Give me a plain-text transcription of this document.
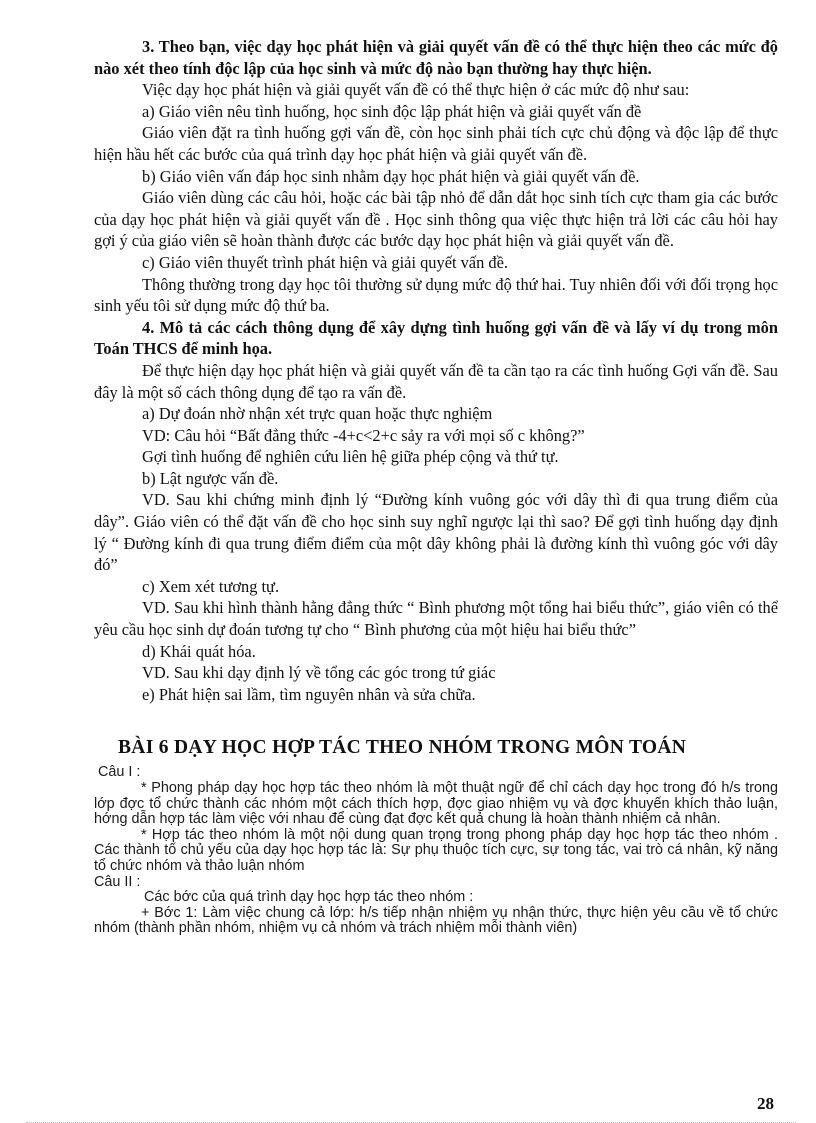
3. Theo bạn, việc dạy học phát hiện và giải quyết vấn đề có thể thực hiện theo các mức độ nào xét theo tính độc lập của học sinh và mức độ nào bạn thường hay thực hiện.

Việc dạy học phát hiện và giải quyết vấn đề có thể thực hiện ở các mức độ như sau:

a) Giáo viên nêu tình huống, học sinh độc lập phát hiện và giải quyết vấn đề

Giáo viên đặt ra tình huống gợi vấn đề, còn học sinh phải tích cực chủ động và độc lập để thực hiện hầu hết các bước của quá trình dạy học phát hiện và giải quyết vấn đề.

b) Giáo viên vấn đáp học sinh nhằm dạy học phát hiện và giải quyết vấn đề.

Giáo viên dùng các câu hỏi, hoặc các bài tập nhỏ để dẫn dắt học sinh tích cực tham gia các bước của dạy học phát hiện và giải quyết vấn đề . Học sinh thông qua việc thực hiện trả lời các câu hỏi hay gợi ý của giáo viên sẽ hoàn thành được các bước dạy học phát hiện và giải quyết vấn đề.

c) Giáo viên thuyết trình phát hiện và giải quyết vấn đề.

Thông thường trong dạy học tôi thường sử dụng mức độ thứ hai. Tuy nhiên đối với đối trọng học sinh yếu tôi sử dụng mức độ thứ ba.

4. Mô tả các cách thông dụng để xây dựng tình huống gợi vấn đề và lấy ví dụ trong môn Toán THCS để minh họa.

Để thực hiện dạy học phát hiện và giải quyết vấn đề ta cần tạo ra các tình huống Gợi vấn đề. Sau đây là một số cách thông dụng để tạo ra vấn đề.

a) Dự đoán nhờ nhận xét trực quan hoặc thực nghiệm

VD: Câu hỏi “Bất đẳng thức -4+c<2+c sảy ra với mọi số c không?”

Gợi tình huống để nghiên cứu liên hệ giữa phép cộng và thứ tự.

b) Lật ngược vấn đề.

VD. Sau khi chứng minh định lý “Đường kính vuông góc với dây thì đi qua trung điểm của dây”. Giáo viên có thể đặt vấn đề cho học sinh suy nghĩ ngược lại thì sao? Để gợi tình huống dạy định lý “ Đường kính đi qua trung điểm điểm của một dây không phải là đường kính thì vuông góc với dây đó”

c) Xem xét tương tự.

VD. Sau khi hình thành hằng đẳng thức “ Bình phương một tổng hai biểu thức”, giáo viên có thể yêu cầu học sinh dự đoán tương tự cho “ Bình phương của một hiệu hai biểu thức”

d) Khái quát hóa.

VD. Sau khi dạy định lý về tổng các góc trong tứ giác

e) Phát hiện sai lầm, tìm nguyên nhân và sửa chữa.

BÀI 6 DẠY HỌC HỢP TÁC THEO NHÓM TRONG MÔN TOÁN

Câu I :

* Phong pháp dạy học hợp tác theo nhóm là một thuật ngữ để chỉ cách dạy học trong đó h/s trong lớp đợc tổ chức thành các nhóm một cách thích hợp, đợc giao nhiệm vụ và đợc khuyến khích thảo luận, hớng dẫn hợp tác làm việc với nhau để cùng đạt đợc kết quả chung là hoàn thành nhiệm cả nhân.

* Hợp tác theo nhóm là một nội dung quan trọng trong phong pháp dạy học hợp tác theo nhóm . Các thành tố chủ yếu của dạy học hợp tác là: Sự phụ thuộc tích cực, sự tong tác, vai trò cá nhân, kỹ năng tổ chức nhóm và thảo luận nhóm

Câu II :

Các bớc của quá trình dạy học hợp tác theo nhóm :

+ Bớc 1: Làm việc chung cả lớp: h/s tiếp nhận nhiệm vụ nhận thức, thực hiện yêu cầu về tổ chức nhóm (thành phần nhóm, nhiệm vụ cả nhóm và trách nhiệm mỗi thành viên)

28
